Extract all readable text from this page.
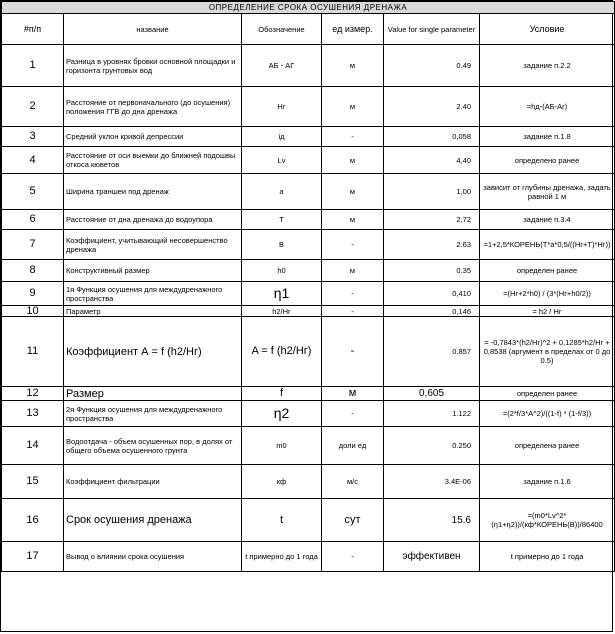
ОПРЕДЕЛЕНИЕ СРОКА ОСУШЕНИЯ ДРЕНАЖА					
#п/п	название	Обозначение	ед измер.	Value for single parameter	Условие
1	Разница в уровнях бровки основной площадки и горизонта грунтовых вод	АБ - АГ	м	0.49	задание п.2.2
2	Расстояние от первоначального (до осушения) положения ГГВ до дна дренажа	Hг	м	2.40	=hд-(АБ-Аг)
3	Средний уклон кривой депрессии	iд	-	0,058	задание п.1.8
4	Расстояние от оси выемки до ближней подошвы откоса кюветов	Lv	м	4,40	определено ранее
5	Ширина траншеи под дренаж	a	м	1,00	зависит от глубины дренажа, задать равной 1 м
6	Расстояние от дна дренажа до водоупора	T	м	2,72	задание п.3.4
7	Коэффициент, учитывающий несовершенство дренажа	B	-	2.63	=1+2,5*КОРЕНЬ(T*a*0,5/((Hг+T)*Hг))
8	Конструктивный размер	h0	м	0.35	определен ранее
9	1я Функция осушения для междудренажного пространства	η1	-	0,410	=(Hг+2*h0) / (3*(Hг+h0/2))
10	Параметр	h2/Hг	-	0,146	= h2 / Hг
11	Коэффициент А = f (h2/Hг)	A = f (h2/Hг)	-	0.857	= -0,7843*(h2/Hг)^2 + 0,1285*h2/Hг + 0,8538 (аргумент в пределах от 0 до 0.5)
12	Размер	f	м	0,605	определен ранее
13	2я Функция осушения для междудренажного пространства	η2	-	1.122	=(2*f/3*A^2)/((1-f) * (1-f/3))
14	Водоотдача - объем осушенных пор, в долях от общего объема осушенного грунта	m0	доли ед	0.250	определена ранее
15	Коэффициент фильтрации	кф	м/с	3.4Е-06	задание п.1.6
16	Срок осушения дренажа	t	сут	15.6	=(m0*Lv^2*(η1+η2))/(кф*КОРЕНЬ(B))/86400
17	Вывод о влиянии срока осушения	t примерно до 1 года	-	эффективен	t примерно до 1 года
